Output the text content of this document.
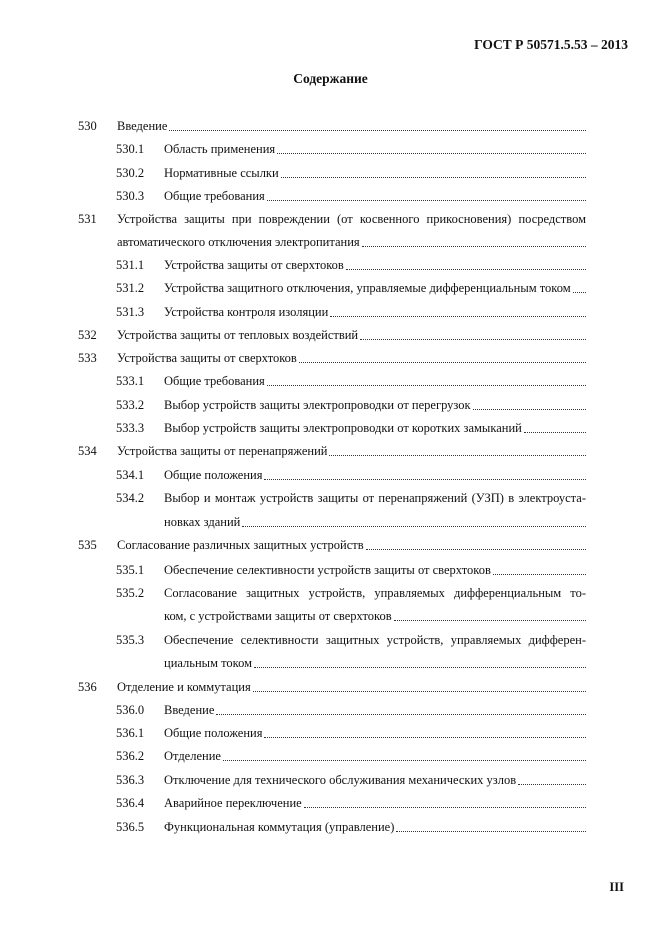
ГОСТ Р 50571.5.53 – 2013
Содержание
530	Введение
530.1	Область применения
530.2	Нормативные ссылки
530.3	Общие требования
531	Устройства защиты при повреждении (от косвенного прикосновения) посредством
автоматического отключения электропитания
531.1	Устройства защиты от сверхтоков
531.2	Устройства защитного отключения, управляемые дифференциальным током
531.3	Устройства контроля изоляции
532	Устройства защиты от тепловых воздействий
533	Устройства защиты от сверхтоков
533.1	Общие требования
533.2	Выбор устройств защиты электропроводки от перегрузок
533.3	Выбор устройств защиты электропроводки от коротких замыканий
534	Устройства защиты от перенапряжений
534.1	Общие положения
534.2	Выбор и монтаж устройств защиты от перенапряжений (УЗП) в электроуста-
новках зданий
535	Согласование различных защитных устройств
535.1	Обеспечение селективности устройств защиты от сверхтоков
535.2	Согласование защитных устройств, управляемых дифференциальным то-
ком, с устройствами защиты от сверхтоков
535.3	Обеспечение селективности защитных устройств, управляемых дифферен-
циальным током
536	Отделение и коммутация
536.0	Введение
536.1	Общие положения
536.2	Отделение
536.3	Отключение для технического обслуживания механических узлов
536.4	Аварийное переключение
536.5	Функциональная коммутация (управление)
III
